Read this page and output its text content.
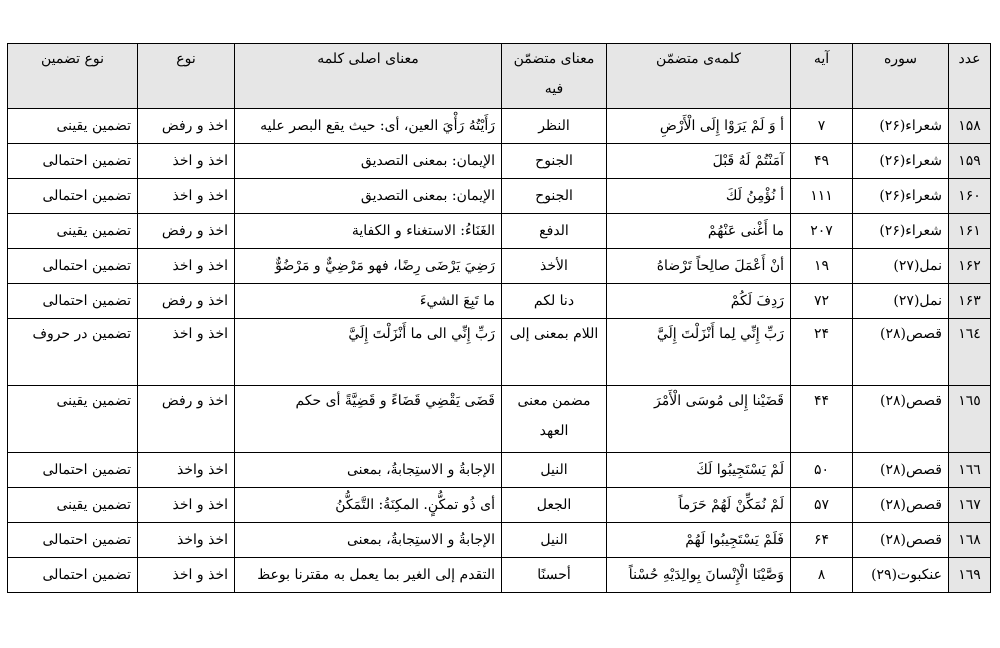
عدد	سوره	آیه	کلمه‌ی متضمّن	معنای متضمّن فیه	معنای اصلی کلمه	نوع	نوع تضمین
۱۵۸	شعراء(۲۶)	۷	أ وَ لَمْ يَرَوْا إِلَى الْأَرْضِ	النظر	رَأَيْتُهُ رَأْيَ العين، أى: حيث يقع البصر عليه	اخذ و رفض	تضمین یقینی
۱۵۹	شعراء(۲۶)	۴۹	آمَنْتُمْ لَهُ قَبْلَ	الجنوح	الإيمان: بمعنى التصديق	اخذ و اخذ	تضمین احتمالی
۱۶۰	شعراء(۲۶)	۱۱۱	أ نُؤْمِنُ لَكَ	الجنوح	الإيمان: بمعنى التصديق	اخذ و اخذ	تضمین احتمالی
۱۶۱	شعراء(۲۶)	۲۰۷	ما أَغْنى عَنْهُمْ	الدفع	الغَنَاءُ: الاستغناء و الكفاية	اخذ و رفض	تضمین یقینی
۱۶۲	نمل(۲۷)	۱۹	أنْ أَعْمَلَ صالِحاً تَرْضاهُ	الأخذ	رَضِيَ يَرْضَى رِضًا، فهو مَرْضِيٌّ و مَرْضُوٌّ	اخذ و اخذ	تضمین احتمالی
۱۶۳	نمل(۲۷)	۷۲	رَدِفَ لَكُمْ	دنا لكم	ما تَبِعَ الشيءَ	اخذ و رفض	تضمین احتمالی
۱٦٤	قصص(۲۸)	۲۴	رَبِّ إِنِّي لِما أَنْزَلْتَ إِلَيَّ	اللام بمعنى إلى	رَبِّ إِنِّي الى ما أَنْزَلْتَ إِلَيَّ	اخذ و اخذ	تضمین در حروف
۱٦٥	قصص(۲۸)	۴۴	قَضَيْنا إِلى مُوسَى الْأَمْرَ	مضمن معنى العهد	قَضَى يَقْضِي قَضَاءً و قَضِيَّةً أى حكم	اخذ و رفض	تضمین یقینی
۱٦٦	قصص(۲۸)	۵۰	لَمْ يَسْتَجِيبُوا لَكَ	النيل	الإجابةُ و الاستِجابةُ، بمعنى	اخذ واخذ	تضمین احتمالی
۱٦٧	قصص(۲۸)	۵۷	لَمْ نُمَكِّنْ لَهُمْ حَرَماً	الجعل	أى ذُو تمكُّنٍ. المكِنَةُ: التَّمَكُّنُ	اخذ و اخذ	تضمین یقینی
۱٦٨	قصص(۲۸)	۶۴	فَلَمْ يَسْتَجِيبُوا لَهُمْ	النيل	الإجابةُ و الاستِجابةُ، بمعنى	اخذ واخذ	تضمین احتمالی
۱٦٩	عنكبوت(۲۹)	۸	وَصَّيْنَا الْإِنْسانَ بِوالِدَيْهِ حُسْناً	أحسنًا	التقدم إلى الغير بما يعمل به مقترنا بوعظ	اخذ و اخذ	تضمین احتمالی
